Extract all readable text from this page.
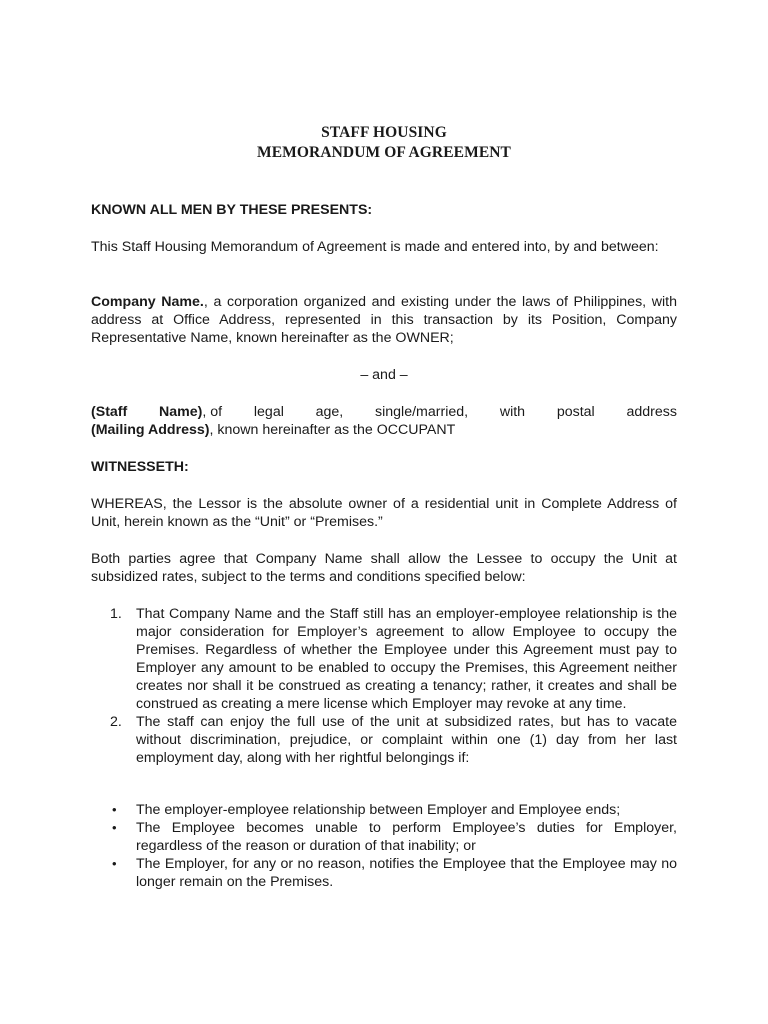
STAFF HOUSING
MEMORANDUM OF AGREEMENT
KNOWN ALL MEN BY THESE PRESENTS:
This Staff Housing Memorandum of Agreement is made and entered into, by and between:
Company Name., a corporation organized and existing under the laws of Philippines, with address at Office Address, represented in this transaction by its Position, Company Representative Name, known hereinafter as the OWNER;
– and –
(Staff Name), of legal age, single/married, with postal address
(Mailing Address), known hereinafter as the OCCUPANT
WITNESSETH:
WHEREAS, the Lessor is the absolute owner of a residential unit in Complete Address of Unit, herein known as the “Unit” or “Premises.”
Both parties agree that Company Name shall allow the Lessee to occupy the Unit at subsidized rates, subject to the terms and conditions specified below:
1. That Company Name and the Staff still has an employer-employee relationship is the major consideration for Employer’s agreement to allow Employee to occupy the Premises. Regardless of whether the Employee under this Agreement must pay to Employer any amount to be enabled to occupy the Premises, this Agreement neither creates nor shall it be construed as creating a tenancy; rather, it creates and shall be construed as creating a mere license which Employer may revoke at any time.
2. The staff can enjoy the full use of the unit at subsidized rates, but has to vacate without discrimination, prejudice, or complaint within one (1) day from her last employment day, along with her rightful belongings if:
• The employer-employee relationship between Employer and Employee ends;
• The Employee becomes unable to perform Employee’s duties for Employer, regardless of the reason or duration of that inability; or
• The Employer, for any or no reason, notifies the Employee that the Employee may no longer remain on the Premises.
